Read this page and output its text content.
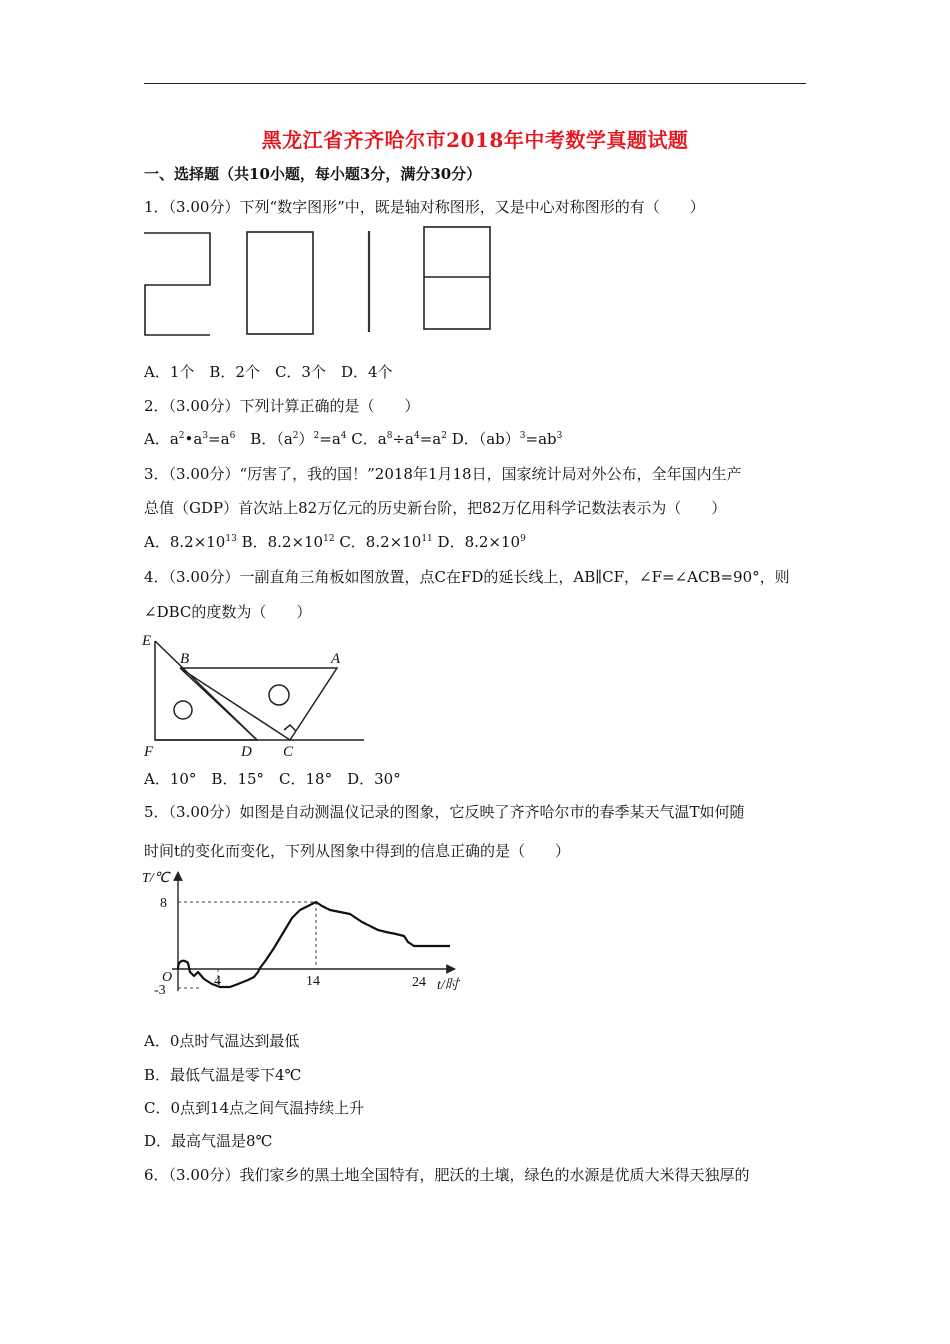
黑龙江省齐齐哈尔市2018年中考数学真题试题
一、选择题（共10小题，每小题3分，满分30分）
1．（3.00分）下列“数字图形”中，既是轴对称图形，又是中心对称图形的有（　　）
A．1个　B．2个　C．3个　D．4个
2．（3.00分）下列计算正确的是（　　）
A．$a^2•a^3=a^6$　B．$(a^2)^2=a^4$ C．$a^8\div a^4=a^2$ D．$(ab)^3=ab^3$
3．（3.00分）“厉害了，我的国！”2018年1月18日，国家统计局对外公布，全年国内生产
总值（GDP）首次站上82万亿元的历史新台阶，把82万亿用科学记数法表示为（　　）
A．$8.2\times 10^{13}$ B．$8.2\times 10^{12}$ C．$8.2\times 10^{11}$ D．$8.2\times 10^9$
4．（3.00分）一副直角三角板如图放置，点C在FD的延长线上，AB∥CF，∠F=∠ACB=90°，则
∠DBC的度数为（　　）
E
B	A
F	D C
A．10°　B．15°　C．18°　D．30°
5．（3.00分）如图是自动测温仪记录的图象，它反映了齐齐哈尔市的春季某天气温T如何随
时间t的变化而变化，下列从图象中得到的信息正确的是（　　）
T/℃
8
O
-3
4	14	24 t/时
A．0点时气温达到最低
B．最低气温是零下4℃
C．0点到14点之间气温持续上升
D．最高气温是8℃
6．（3.00分）我们家乡的黑土地全国特有，肥沃的土壤，绿色的水源是优质大米得天独厚的
